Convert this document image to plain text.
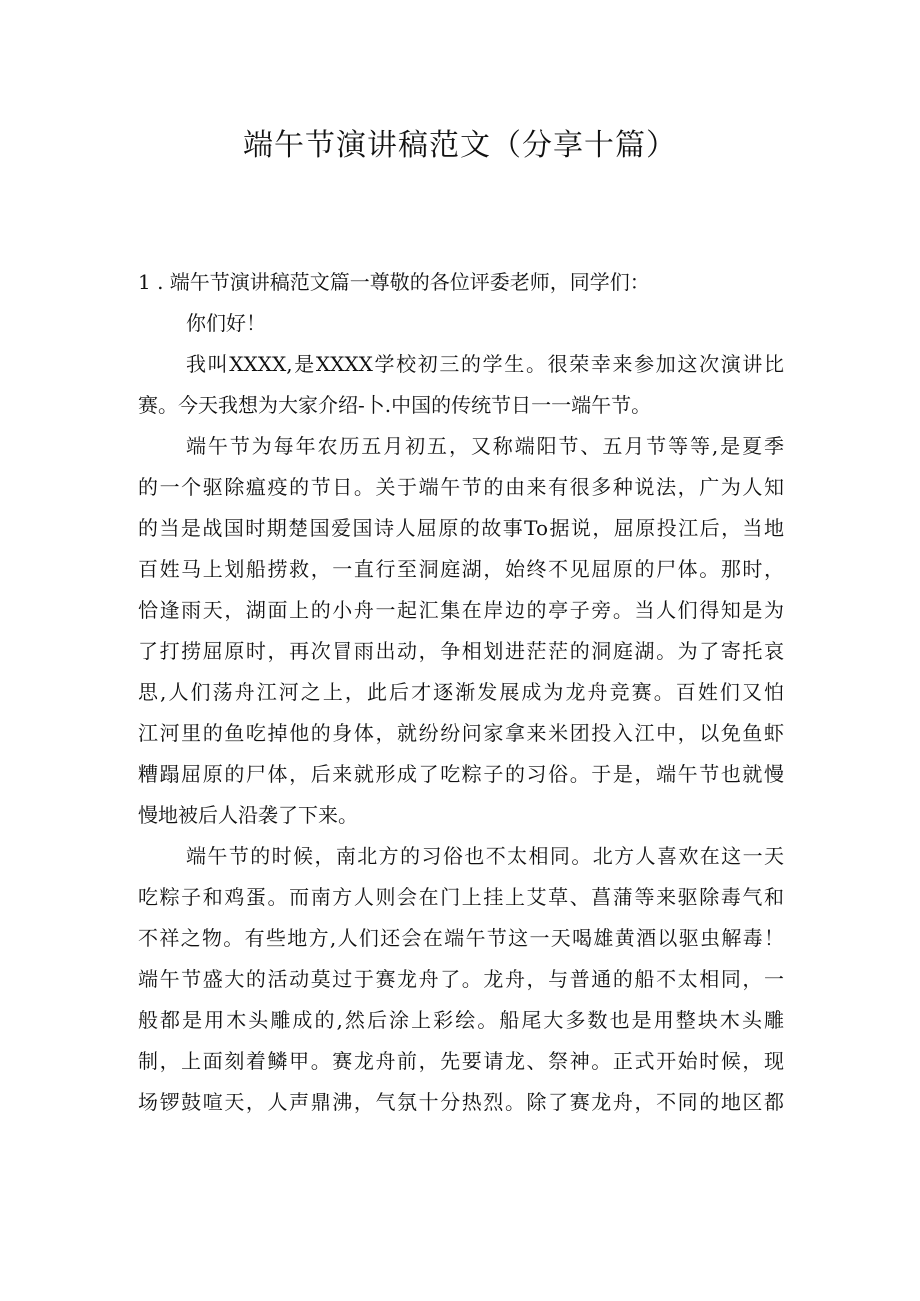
端午节演讲稿范文（分享十篇）
1 . 端午节演讲稿范文篇一尊敬的各位评委老师，同学们：
你们好！
我叫XXXX,是XXXX学校初三的学生。很荣幸来参加这次演讲比
赛。今天我想为大家介绍-卜.中国的传统节日一一端午节。
端午节为每年农历五月初五，又称端阳节、五月节等等,是夏季
的一个驱除瘟疫的节日。关于端午节的由来有很多种说法，广为人知
的当是战国时期楚国爱国诗人屈原的故事To据说，屈原投江后，当地
百姓马上划船捞救，一直行至洞庭湖，始终不见屈原的尸体。那时，
恰逢雨天，湖面上的小舟一起汇集在岸边的亭子旁。当人们得知是为
了打捞屈原时，再次冒雨出动，争相划进茫茫的洞庭湖。为了寄托哀
思,人们荡舟江河之上，此后才逐渐发展成为龙舟竞赛。百姓们又怕
江河里的鱼吃掉他的身体，就纷纷问家拿来米团投入江中，以免鱼虾
糟蹋屈原的尸体，后来就形成了吃粽子的习俗。于是，端午节也就慢
慢地被后人沿袭了下来。
端午节的时候，南北方的习俗也不太相同。北方人喜欢在这一天
吃粽子和鸡蛋。而南方人则会在门上挂上艾草、菖蒲等来驱除毒气和
不祥之物。有些地方,人们还会在端午节这一天喝雄黄酒以驱虫解毒！
端午节盛大的活动莫过于赛龙舟了。龙舟，与普通的船不太相同，一
般都是用木头雕成的,然后涂上彩绘。船尾大多数也是用整块木头雕
制，上面刻着鳞甲。赛龙舟前，先要请龙、祭神。正式开始时候，现
场锣鼓喧天，人声鼎沸，气氛十分热烈。除了赛龙舟，不同的地区都
